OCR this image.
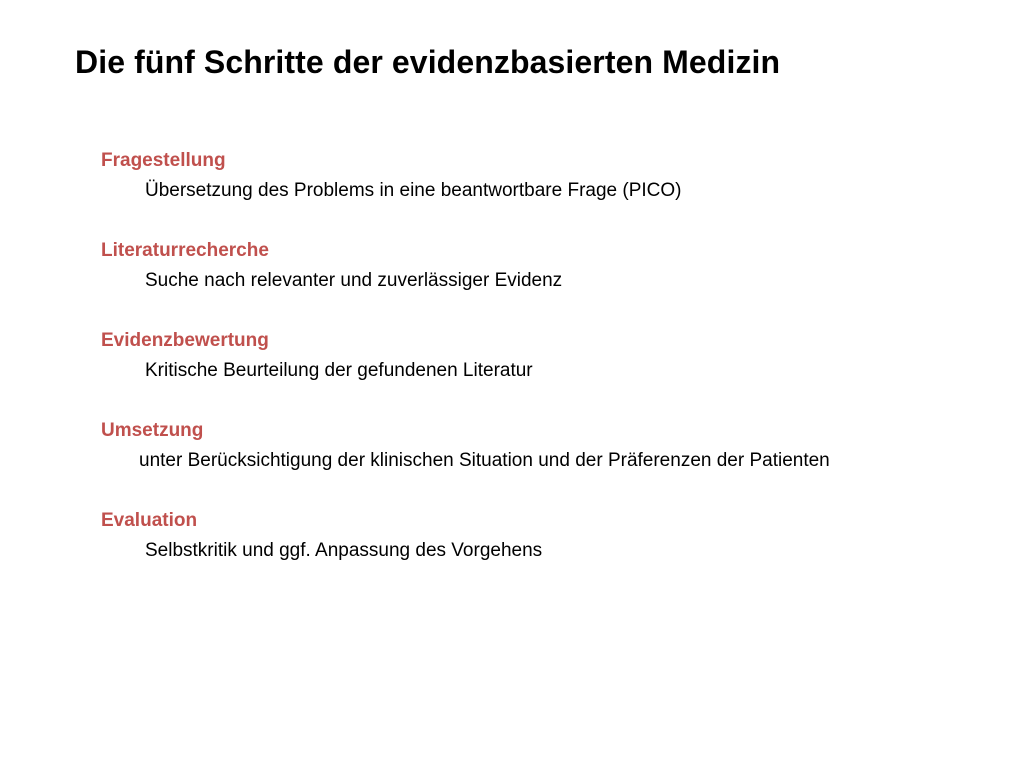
Die fünf Schritte der evidenzbasierten Medizin
Fragestellung
Übersetzung des Problems in eine beantwortbare Frage (PICO)
Literaturrecherche
Suche nach relevanter und zuverlässiger Evidenz
Evidenzbewertung
Kritische Beurteilung der gefundenen Literatur
Umsetzung
unter Berücksichtigung der klinischen Situation und der Präferenzen der Patienten
Evaluation
Selbstkritik und ggf. Anpassung des Vorgehens
